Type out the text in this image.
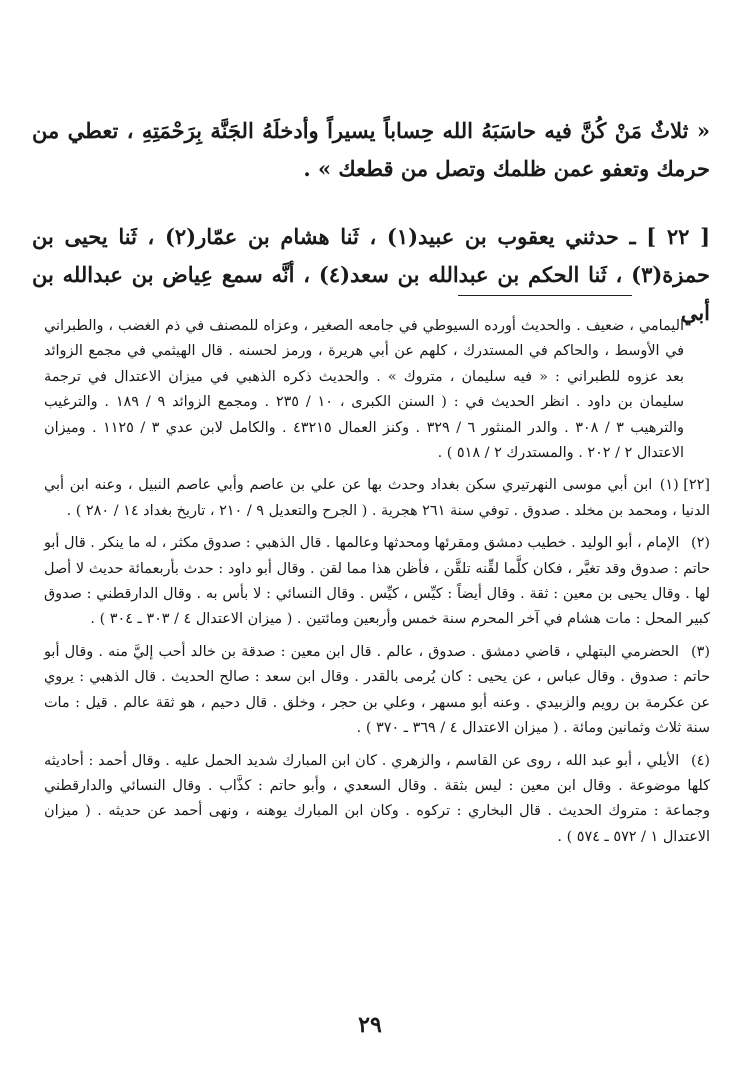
« ثلاثٌ مَنْ كُنَّ فيه حاسَبَهُ الله حِساباً يسيراً وأدخلَهُ الجَنَّة بِرَحْمَتِهِ ، تعطي من حرمك وتعفو عمن ظلمك وتصل من قطعك » .

[ ٢٢ ] ـ حدثني يعقوب بن عبيد(١) ، ثَنا هشام بن عمّار(٢) ، ثَنا يحيى بن حمزة(٣) ، ثَنا الحكم بن عبدالله بن سعد(٤) ، أنَّه سمع عِياض بن عبدالله بن أبي

اليمامي ، ضعيف . والحديث أورده السيوطي في جامعه الصغير ، وعزاه للمصنف في ذم الغضب ، والطبراني في الأوسط ، والحاكم في المستدرك ، كلهم عن أبي هريرة ، ورمز لحسنه . قال الهيثمي في مجمع الزوائد بعد عزوه للطبراني : « فيه سليمان ، متروك » . والحديث ذكره الذهبي في ميزان الاعتدال في ترجمة سليمان بن داود . انظر الحديث في : ( السنن الكبرى ، ١٠ / ٢٣٥ . ومجمع الزوائد ٩ / ١٨٩ . والترغيب والترهيب ٣ / ٣٠٨ . والدر المنثور ٦ / ٣٢٩ . وكنز العمال ٤٣٢١٥ . والكامل لابن عدي ٣ / ١١٢٥ . وميزان الاعتدال ٢ / ٢٠٢ . والمستدرك ٢ / ٥١٨ ) .

[٢٢] (١) ابن أبي موسى النهرتيري سكن بغداد وحدث بها عن علي بن عاصم وأبي عاصم النبيل ، وعنه ابن أبي الدنيا ، ومحمد بن مخلد . صدوق . توفي سنة ٢٦١ هجرية . ( الجرح والتعديل ٩ / ٢١٠ ، تاريخ بغداد ١٤ / ٢٨٠ ) .

(٢) الإمام ، أبو الوليد . خطيب دمشق ومقرئها ومحدثها وعالمها . قال الذهبي : صدوق مكثر ، له ما ينكر . قال أبو حاتم : صدوق وقد تغيَّر ، فكان كلَّما لقِّنه تلقَّن ، فأظن هذا مما لقن . وقال أبو داود : حدث بأربعمائة حديث لا أصل لها . وقال يحيى بن معين : ثقة . وقال أيضاً : كيِّس ، كيِّس . وقال النسائي : لا بأس به . وقال الدارقطني : صدوق كبير المحل : مات هشام في آخر المحرم سنة خمس وأربعين ومائتين . ( ميزان الاعتدال ٤ / ٣٠٣ ـ ٣٠٤ ) .

(٣) الحضرمي البتهلي ، قاضي دمشق . صدوق ، عالم . قال ابن معين : صدقة بن خالد أحب إليَّ منه . وقال أبو حاتم : صدوق . وقال عباس ، عن يحيى : كان يُرمى بالقدر . وقال ابن سعد : صالح الحديث . قال الذهبي : يروي عن عكرمة بن رويم والزبيدي . وعنه أبو مسهر ، وعلي بن حجر ، وخلق . قال دحيم ، هو ثقة عالم . قيل : مات سنة ثلاث وثمانين ومائة . ( ميزان الاعتدال ٤ / ٣٦٩ ـ ٣٧٠ ) .

(٤) الأيلي ، أبو عبد الله ، روى عن القاسم ، والزهري . كان ابن المبارك شديد الحمل عليه . وقال أحمد : أحاديثه كلها موضوعة . وقال ابن معين : ليس بثقة . وقال السعدي ، وأبو حاتم : كذَّاب . وقال النسائي والدارقطني وجماعة : متروك الحديث . قال البخاري : تركوه . وكان ابن المبارك يوهنه ، ونهى أحمد عن حديثه . ( ميزان الاعتدال ١ / ٥٧٢ ـ ٥٧٤ ) .

٢٩
